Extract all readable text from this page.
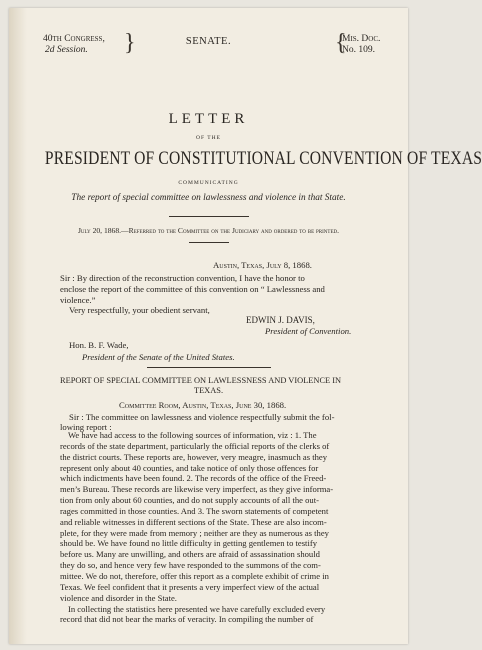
40th Congress,
2d Session.	}	SENATE.	{
Mis. Doc.
No. 109.
LETTER
OF THE
PRESIDENT OF CONSTITUTIONAL CONVENTION OF TEXAS
COMMUNICATING
The report of special committee on lawlessness and violence in that State.
July 20, 1868.—Referred to the Committee on the Judiciary and ordered to be printed.
Austin, Texas, July 8, 1868.
Sir : By direction of the reconstruction convention, I have the honor to
enclose the report of the committee of this convention on “ Lawlessness and
violence.”
Very respectfully, your obedient servant,
EDWIN J. DAVIS,
President of Convention.
Hon. B. F. Wade,
President of the Senate of the United States.
REPORT OF SPECIAL COMMITTEE ON LAWLESSNESS AND VIOLENCE IN
TEXAS.
Committee Room, Austin, Texas, June 30, 1868.
Sir : The committee on lawlessness and violence respectfully submit the fol-
lowing report :

We have had access to the following sources of information, viz : 1. The

records of the state department, particularly the official reports of the clerks of

the district courts. These reports are, however, very meagre, inasmuch as they

represent only about 40 counties, and take notice of only those offences for

which indictments have been found. 2. The records of the office of the Freed-

men’s Bureau. These records are likewise very imperfect, as they give informa-

tion from only about 60 counties, and do not supply accounts of all the out-

rages committed in those counties. And 3. The sworn statements of competent

and reliable witnesses in different sections of the State. These are also incom-

plete, for they were made from memory ; neither are they as numerous as they

should be. We have found no little difficulty in getting gentlemen to testify

before us. Many are unwilling, and others are afraid of assassination should

they do so, and hence very few have responded to the summons of the com-

mittee. We do not, therefore, offer this report as a complete exhibit of crime in

Texas. We feel confident that it presents a very imperfect view of the actual

violence and disorder in the State.

In collecting the statistics here presented we have carefully excluded every

record that did not bear the marks of veracity. In compiling the number of
